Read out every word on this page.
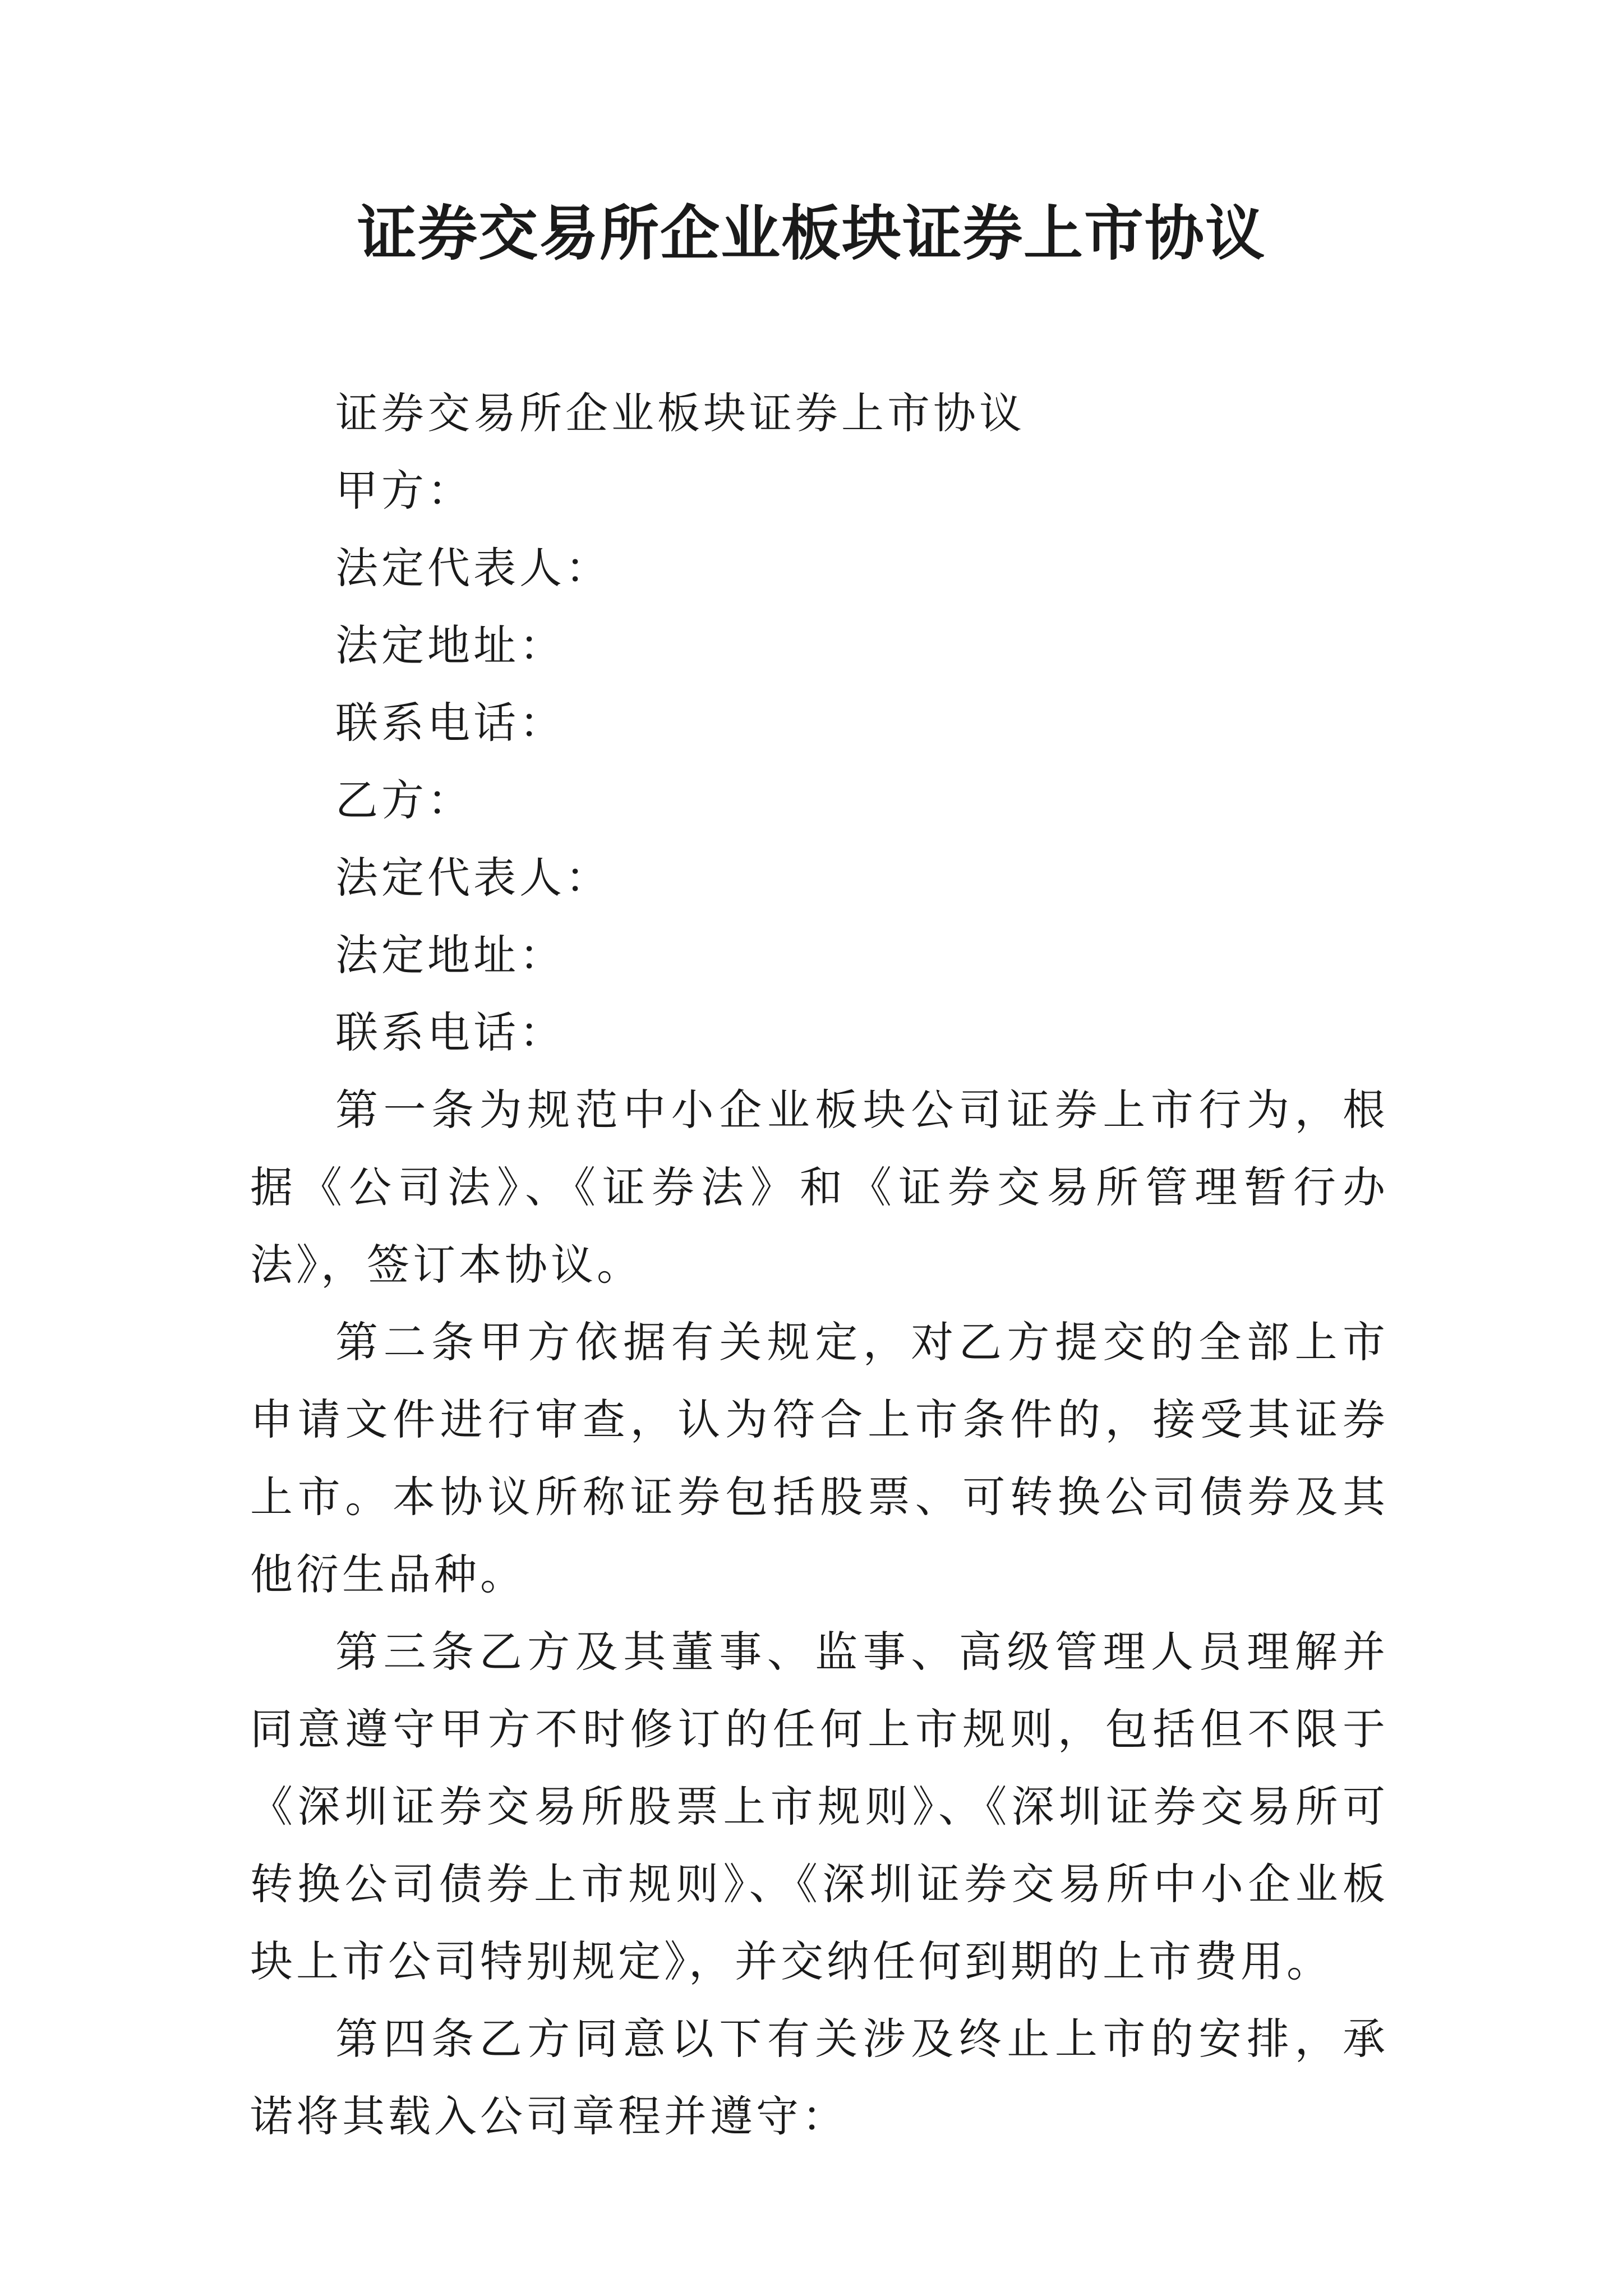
证券交易所企业板块证券上市协议

证券交易所企业板块证券上市协议

甲方：

法定代表人：

法定地址：

联系电话：

乙方：

法定代表人：

法定地址：

联系电话：

第一条为规范中小企业板块公司证券上市行为，根据《公司法》、《证券法》和《证券交易所管理暂行办法》，签订本协议。

第二条甲方依据有关规定，对乙方提交的全部上市申请文件进行审查，认为符合上市条件的，接受其证券上市。本协议所称证券包括股票、可转换公司债券及其他衍生品种。

第三条乙方及其董事、监事、高级管理人员理解并同意遵守甲方不时修订的任何上市规则，包括但不限于《深圳证券交易所股票上市规则》、《深圳证券交易所可转换公司债券上市规则》、《深圳证券交易所中小企业板块上市公司特别规定》，并交纳任何到期的上市费用。

第四条乙方同意以下有关涉及终止上市的安排，承诺将其载入公司章程并遵守：
